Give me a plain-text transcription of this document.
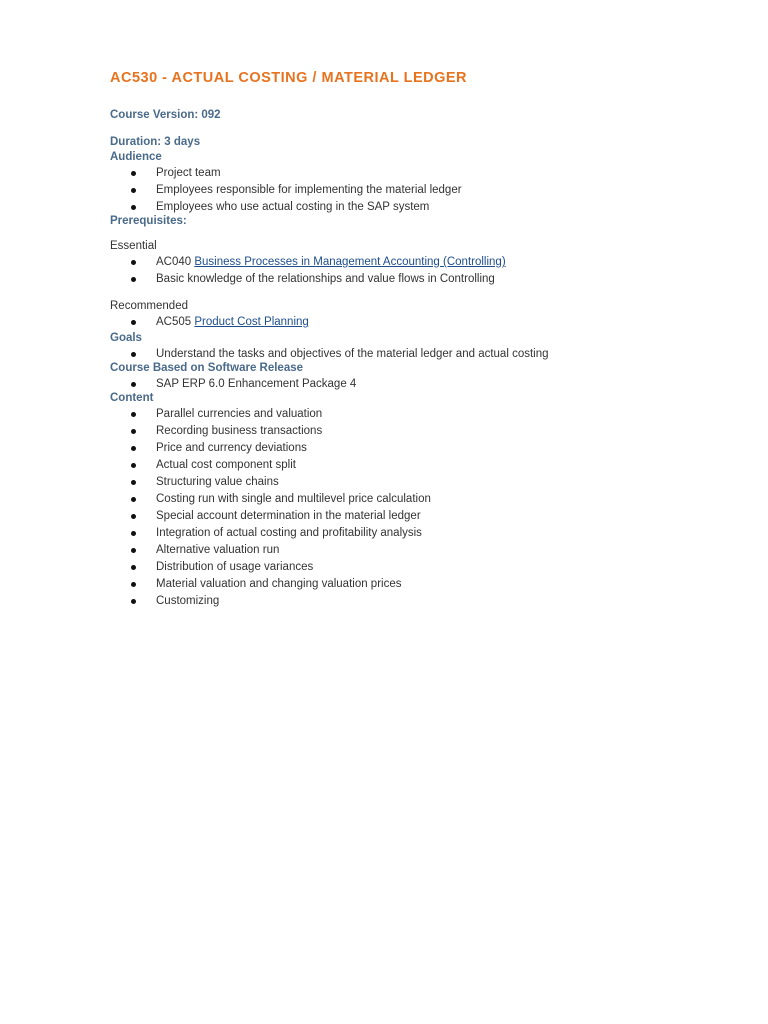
AC530 - ACTUAL COSTING / MATERIAL LEDGER
Course Version: 092
Duration: 3 days
Audience
Project team
Employees responsible for implementing the material ledger
Employees who use actual costing in the SAP system
Prerequisites:
Essential
AC040 Business Processes in Management Accounting (Controlling)
Basic knowledge of the relationships and value flows in Controlling
Recommended
AC505 Product Cost Planning
Goals
Understand the tasks and objectives of the material ledger and actual costing
Course Based on Software Release
SAP ERP 6.0 Enhancement Package 4
Content
Parallel currencies and valuation
Recording business transactions
Price and currency deviations
Actual cost component split
Structuring value chains
Costing run with single and multilevel price calculation
Special account determination in the material ledger
Integration of actual costing and profitability analysis
Alternative valuation run
Distribution of usage variances
Material valuation and changing valuation prices
Customizing
